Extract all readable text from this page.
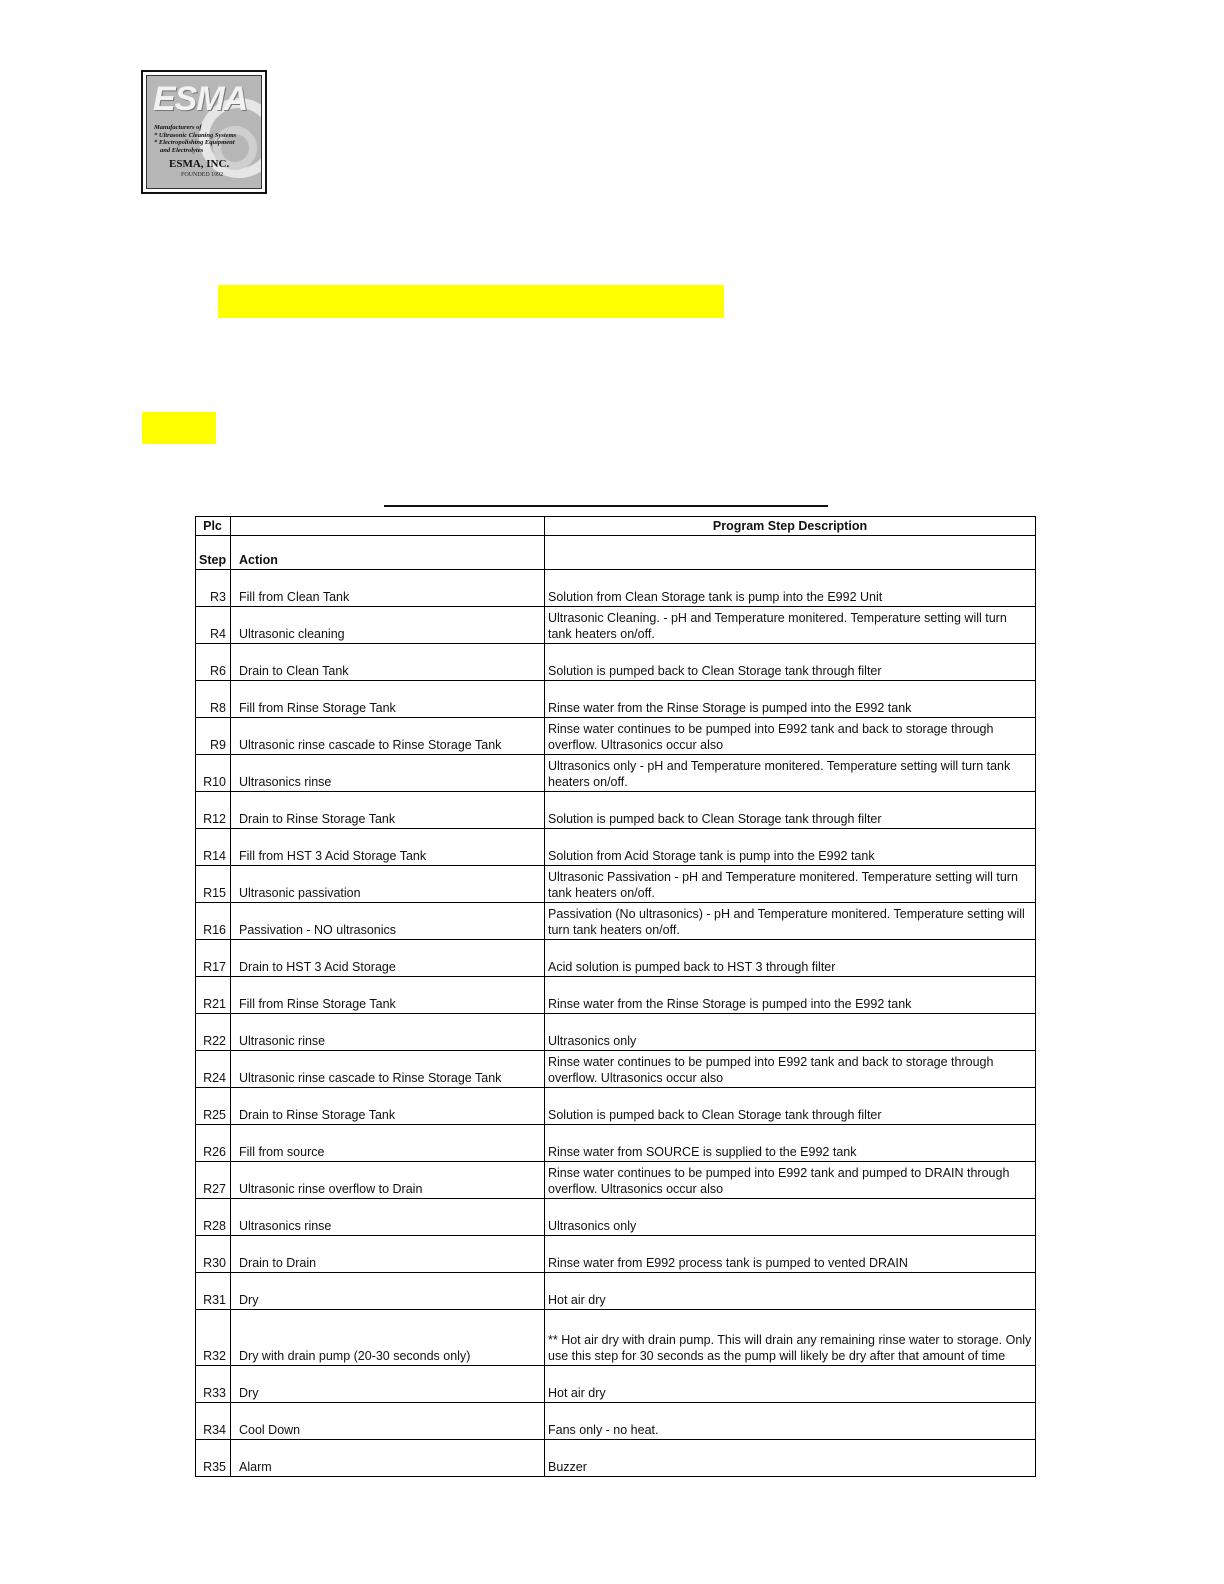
ESMA
Manufacturers of
* Ultrasonic Cleaning Systems
* Electropolishing Equipment
and Electrolytes
ESMA, INC.
FOUNDED 1992
Plc		Program Step Description
Step	Action	
R3	Fill from Clean Tank	Solution from Clean Storage tank is pump into the E992 Unit
R4	Ultrasonic cleaning	Ultrasonic Cleaning. - pH and Temperature monitered. Temperature setting will turn tank heaters on/off.
R6	Drain to Clean Tank	Solution is pumped back to Clean Storage tank through filter
R8	Fill from Rinse Storage Tank	Rinse water from the Rinse Storage is pumped into the E992 tank
R9	Ultrasonic rinse cascade to Rinse Storage Tank	Rinse water continues to be pumped into E992 tank and back to storage through overflow. Ultrasonics occur also
R10	Ultrasonics rinse	Ultrasonics only - pH and Temperature monitered. Temperature setting will turn tank heaters on/off.
R12	Drain to Rinse Storage Tank	Solution is pumped back to Clean Storage tank through filter
R14	Fill from HST 3 Acid Storage Tank	Solution from Acid Storage tank is pump into the E992 tank
R15	Ultrasonic passivation	Ultrasonic Passivation - pH and Temperature monitered. Temperature setting will turn tank heaters on/off.
R16	Passivation - NO ultrasonics	Passivation (No ultrasonics) - pH and Temperature monitered. Temperature setting will turn tank heaters on/off.
R17	Drain to HST 3 Acid Storage	Acid solution is pumped back to HST 3 through filter
R21	Fill from Rinse Storage Tank	Rinse water from the Rinse Storage is pumped into the E992 tank
R22	Ultrasonic rinse	Ultrasonics only
R24	Ultrasonic rinse cascade to Rinse Storage Tank	Rinse water continues to be pumped into E992 tank and back to storage through overflow. Ultrasonics occur also
R25	Drain to Rinse Storage Tank	Solution is pumped back to Clean Storage tank through filter
R26	Fill from source	Rinse water from SOURCE is supplied to the E992 tank
R27	Ultrasonic rinse overflow to Drain	Rinse water continues to be pumped into E992 tank and pumped to DRAIN through overflow. Ultrasonics occur also
R28	Ultrasonics rinse	Ultrasonics only
R30	Drain to Drain	Rinse water from E992 process tank is pumped to vented DRAIN
R31	Dry	Hot air dry
R32	Dry with drain pump (20-30 seconds only)	** Hot air dry with drain pump. This will drain any remaining rinse water to storage. Only use this step for 30 seconds as the pump will likely be dry after that amount of time
R33	Dry	Hot air dry
R34	Cool Down	Fans only - no heat.
R35	Alarm	Buzzer
